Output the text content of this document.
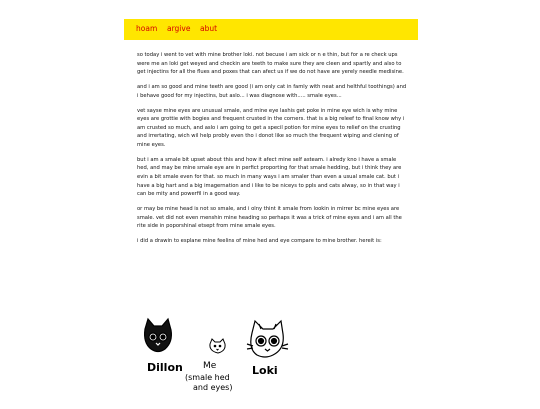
hoam argive abut

so today i went to vet with mine brother loki. not becuse i am sick or n e thin, but for a re check ups were me an loki get weyed and checkin are teeth to make sure they are cleen and spartly and also to get injectins for all the flues and poxes that can afect us if we do not have are yerely needle medisine.

and i am so good and mine teeth are good (i am only cat in famly with neat and helthful toothings) and i behave good for my injectins, but aslo... i was diagnose with..... smale eyes...

vet sayse mine eyes are unusual smale, and mine eye lashis get poke in mine eye wich is why mine eyes are grottie with bogies and frequent crusted in the corners. that is a big releef to final know why i am crusted so much, and aslo i am going to get a specil potion for mine eyes to relief on the crusting and irrertating, wich wil help probly even tho i donot like so much the frequent wiping and clening of mine eyes.

but i am a smale bit upset about this and how it afect mine self asteam. i alredy kno i have a smale hed, and may be mine smale eye are in perfict proporting for that smale hedding, but i think they are evin a bit smale even for that. so much in many ways i am smaler than even a usual smale cat. but i have a big hart and a big imagernation and i like to be niceys to ppls and cats alway, so in that way i can be mity and powerfil in a good way.

or may be mine head is not so smale, and i olny thint it smale from lookin in mirrer bc mine eyes are smale. vet did not even menshin mine heading so perhaps it was a trick of mine eyes and i am all the rite side in poporshinal etsept from mine smale eyes.

i did a drawin to esplane mine feelins of mine hed and eye compare to mine brother. hereit is:

Dillon Me
(smale hed
and eyes)
Loki
